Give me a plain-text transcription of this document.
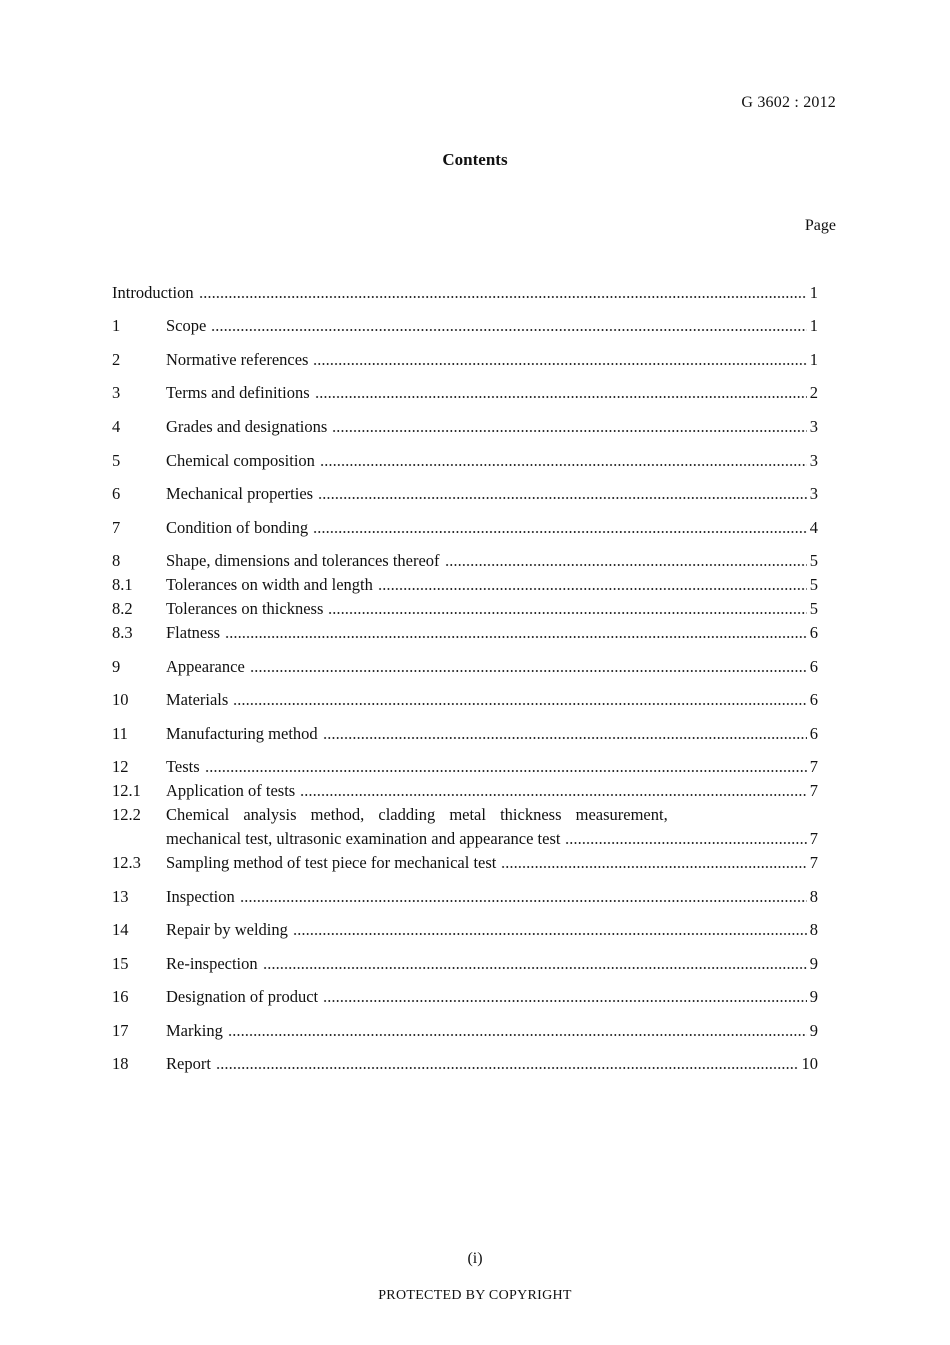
G 3602 : 2012
Contents
Page
Introduction	1
1	Scope	1
2	Normative references	1
3	Terms and definitions	2
4	Grades and designations	3
5	Chemical composition	3
6	Mechanical properties	3
7	Condition of bonding	4
8	Shape, dimensions and tolerances thereof	5
8.1	Tolerances on width and length	5
8.2	Tolerances on thickness	5
8.3	Flatness	6
9	Appearance	6
10	Materials	6
11	Manufacturing method	6
12	Tests	7
12.1	Application of tests	7
12.2	Chemical analysis method, cladding metal thickness measurement,
mechanical test, ultrasonic examination and appearance test	7
12.3	Sampling method of test piece for mechanical test	7
13	Inspection	8
14	Repair by welding	8
15	Re-inspection	9
16	Designation of product	9
17	Marking	9
18	Report	10
(i)
PROTECTED BY COPYRIGHT
